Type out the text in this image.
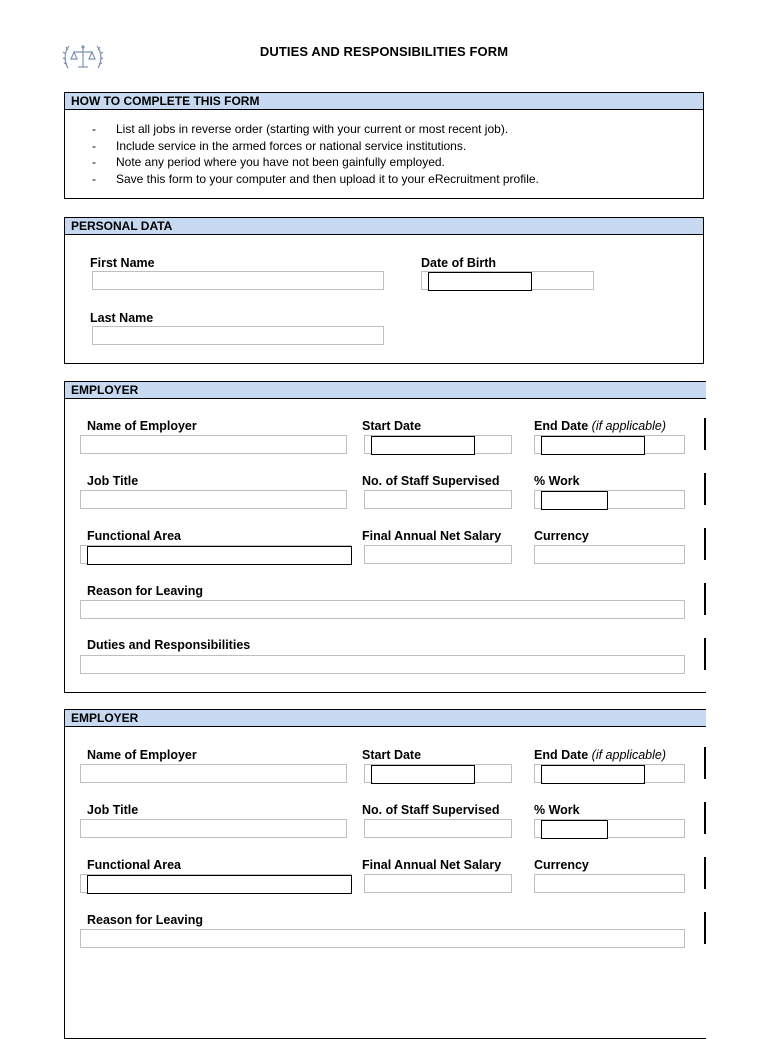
DUTIES AND RESPONSIBILITIES FORM
HOW TO COMPLETE THIS FORM
- List all jobs in reverse order (starting with your current or most recent job).
- Include service in the armed forces or national service institutions.
- Note any period where you have not been gainfully employed.
- Save this form to your computer and then upload it to your eRecruitment profile.
PERSONAL DATA
First Name	Date of Birth
Last Name
EMPLOYER
Name of Employer	Start Date	End Date (if applicable)
Job Title	No. of Staff Supervised	% Work
Functional Area	Final Annual Net Salary	Currency
Reason for Leaving
Duties and Responsibilities
EMPLOYER
Name of Employer	Start Date	End Date (if applicable)
Job Title	No. of Staff Supervised	% Work
Functional Area	Final Annual Net Salary	Currency
Reason for Leaving
